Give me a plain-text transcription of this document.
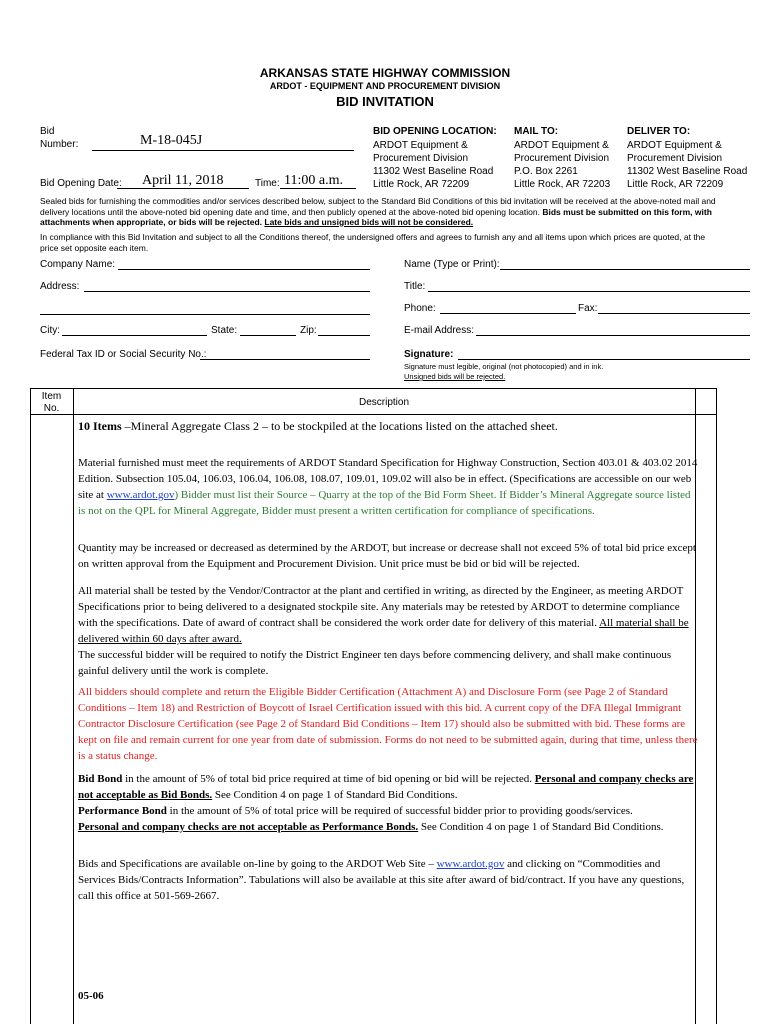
ARKANSAS STATE HIGHWAY COMMISSION
ARDOT - EQUIPMENT AND PROCUREMENT DIVISION
BID INVITATION
Bid
Number:	M-18-045J
Bid Opening Date: April 11, 2018	Time: 11:00 a.m.
BID OPENING LOCATION:
ARDOT Equipment &
Procurement Division
11302 West Baseline Road
Little Rock, AR 72209
MAIL TO:
ARDOT Equipment &
Procurement Division
P.O. Box 2261
Little Rock, AR 72203
DELIVER TO:
ARDOT Equipment &
Procurement Division
11302 West Baseline Road
Little Rock, AR 72209
Sealed bids for furnishing the commodities and/or services described below, subject to the Standard Bid Conditions of this bid invitation will be received at the above-noted mail and delivery locations until the above-noted bid opening date and time, and then publicly opened at the above-noted bid opening location. Bids must be submitted on this form, with attachments when appropriate, or bids will be rejected. Late bids and unsigned bids will not be considered.
In compliance with this Bid Invitation and subject to all the Conditions thereof, the undersigned offers and agrees to furnish any and all items upon which prices are quoted, at the price set opposite each item.
Company Name:
Address:
City:	State:	Zip:
Federal Tax ID or Social Security No.:
Name (Type or Print):
Title:
Phone:	Fax:
E-mail Address:
Signature:
Signature must legible, original (not photocopied) and in ink.
Unsigned bids will be rejected.
Item
No.
Description
10 Items –Mineral Aggregate Class 2 – to be stockpiled at the locations listed on the attached sheet.
Material furnished must meet the requirements of ARDOT Standard Specification for Highway Construction, Section 403.01 & 403.02 2014 Edition. Subsection 105.04, 106.03, 106.04, 106.08, 108.07, 109.01, 109.02 will also be in effect. (Specifications are accessible on our web site at www.ardot.gov) Bidder must list their Source – Quarry at the top of the Bid Form Sheet. If Bidder’s Mineral Aggregate source listed is not on the QPL for Mineral Aggregate, Bidder must present a written certification for compliance of specifications.
Quantity may be increased or decreased as determined by the ARDOT, but increase or decrease shall not exceed 5% of total bid price except on written approval from the Equipment and Procurement Division. Unit price must be bid or bid will be rejected.
All material shall be tested by the Vendor/Contractor at the plant and certified in writing, as directed by the Engineer, as meeting ARDOT Specifications prior to being delivered to a designated stockpile site. Any materials may be retested by ARDOT to determine compliance with the specifications. Date of award of contract shall be considered the work order date for delivery of this material. All material shall be delivered within 60 days after award.
The successful bidder will be required to notify the District Engineer ten days before commencing delivery, and shall make continuous gainful delivery until the work is complete.
All bidders should complete and return the Eligible Bidder Certification (Attachment A) and Disclosure Form (see Page 2 of Standard Conditions – Item 18) and Restriction of Boycott of Israel Certification issued with this bid. A current copy of the DFA Illegal Immigrant Contractor Disclosure Certification (see Page 2 of Standard Bid Conditions – Item 17) should also be submitted with bid. These forms are kept on file and remain current for one year from date of submission. Forms do not need to be submitted again, during that time, unless there is a status change.
Bid Bond in the amount of 5% of total bid price required at time of bid opening or bid will be rejected. Personal and company checks are not acceptable as Bid Bonds. See Condition 4 on page 1 of Standard Bid Conditions.
Performance Bond in the amount of 5% of total price will be required of successful bidder prior to providing goods/services.
Personal and company checks are not acceptable as Performance Bonds. See Condition 4 on page 1 of Standard Bid Conditions.
Bids and Specifications are available on-line by going to the ARDOT Web Site – www.ardot.gov and clicking on “Commodities and Services Bids/Contracts Information”. Tabulations will also be available at this site after award of bid/contract. If you have any questions, call this office at 501-569-2667.
05-06
